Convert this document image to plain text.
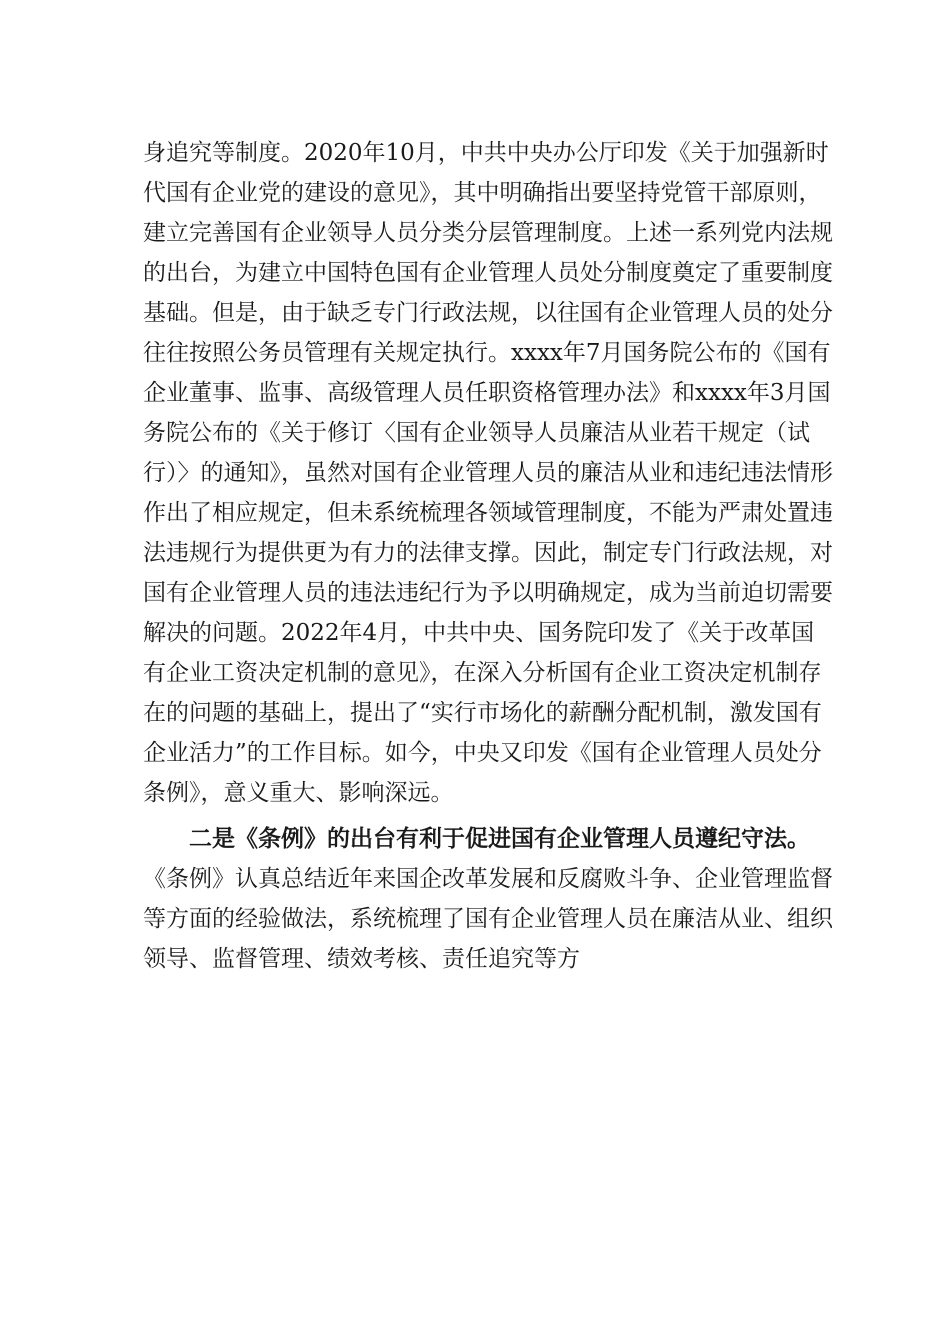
身追究等制度。2020年10月，中共中央办公厅印发《关于加强新时代国有企业党的建设的意见》，其中明确指出要坚持党管干部原则，建立完善国有企业领导人员分类分层管理制度。上述一系列党内法规的出台，为建立中国特色国有企业管理人员处分制度奠定了重要制度基础。但是，由于缺乏专门行政法规，以往国有企业管理人员的处分往往按照公务员管理有关规定执行。xxxx年7月国务院公布的《国有企业董事、监事、高级管理人员任职资格管理办法》和xxxx年3月国务院公布的《关于修订〈国有企业领导人员廉洁从业若干规定（试行）〉的通知》，虽然对国有企业管理人员的廉洁从业和违纪违法情形作出了相应规定，但未系统梳理各领域管理制度，不能为严肃处置违法违规行为提供更为有力的法律支撑。因此，制定专门行政法规，对国有企业管理人员的违法违纪行为予以明确规定，成为当前迫切需要解决的问题。2022年4月，中共中央、国务院印发了《关于改革国有企业工资决定机制的意见》，在深入分析国有企业工资决定机制存在的问题的基础上，提出了“实行市场化的薪酬分配机制，激发国有企业活力”的工作目标。如今，中央又印发《国有企业管理人员处分条例》，意义重大、影响深远。

二是《条例》的出台有利于促进国有企业管理人员遵纪守法。《条例》认真总结近年来国企改革发展和反腐败斗争、企业管理监督等方面的经验做法，系统梳理了国有企业管理人员在廉洁从业、组织领导、监督管理、绩效考核、责任追究等方
